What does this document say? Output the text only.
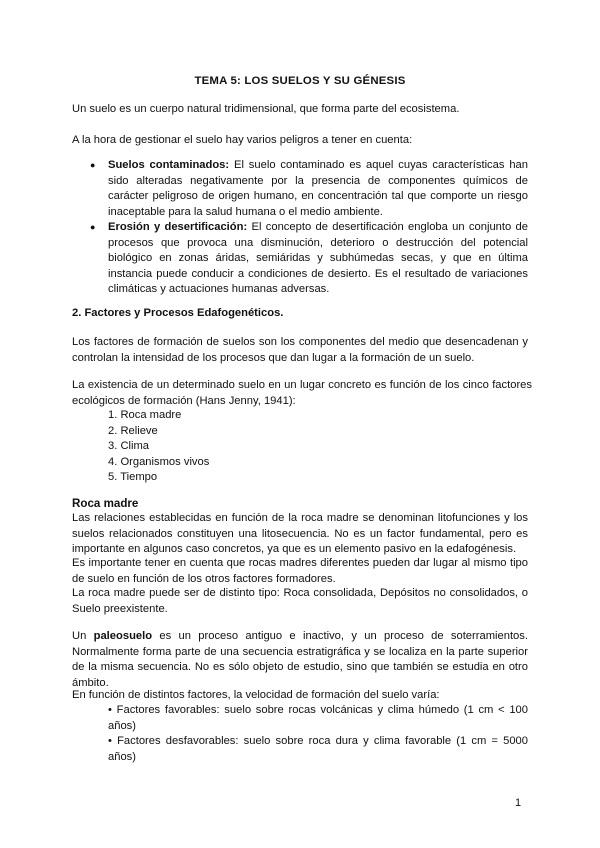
TEMA 5: LOS SUELOS Y SU GÉNESIS
Un suelo es un cuerpo natural tridimensional, que forma parte del ecosistema.
A la hora de gestionar el suelo hay varios peligros a tener en cuenta:
● Suelos contaminados: El suelo contaminado es aquel cuyas características han sido alteradas negativamente por la presencia de componentes químicos de carácter peligroso de origen humano, en concentración tal que comporte un riesgo inaceptable para la salud humana o el medio ambiente.
● Erosión y desertificación: El concepto de desertificación engloba un conjunto de procesos que provoca una disminución, deterioro o destrucción del potencial biológico en zonas áridas, semiáridas y subhúmedas secas, y que en última instancia puede conducir a condiciones de desierto. Es el resultado de variaciones climáticas y actuaciones humanas adversas.
2. Factores y Procesos Edafogenéticos.
Los factores de formación de suelos son los componentes del medio que desencadenan y controlan la intensidad de los procesos que dan lugar a la formación de un suelo.
La existencia de un determinado suelo en un lugar concreto es función de los cinco factores ecológicos de formación (Hans Jenny, 1941):
1. Roca madre
2. Relieve
3. Clima
4. Organismos vivos
5. Tiempo
Roca madre
Las relaciones establecidas en función de la roca madre se denominan litofunciones y los suelos relacionados constituyen una litosecuencia. No es un factor fundamental, pero es importante en algunos caso concretos, ya que es un elemento pasivo en la edafogénesis.
Es importante tener en cuenta que rocas madres diferentes pueden dar lugar al mismo tipo de suelo en función de los otros factores formadores.
La roca madre puede ser de distinto tipo: Roca consolidada, Depósitos no consolidados, o Suelo preexistente.
Un paleosuelo es un proceso antiguo e inactivo, y un proceso de soterramientos. Normalmente forma parte de una secuencia estratigráfica y se localiza en la parte superior de la misma secuencia. No es sólo objeto de estudio, sino que también se estudia en otro ámbito.
En función de distintos factores, la velocidad de formación del suelo varía:
• Factores favorables: suelo sobre rocas volcánicas y clima húmedo (1 cm < 100 años)
• Factores desfavorables: suelo sobre roca dura y clima favorable (1 cm = 5000 años)
1
